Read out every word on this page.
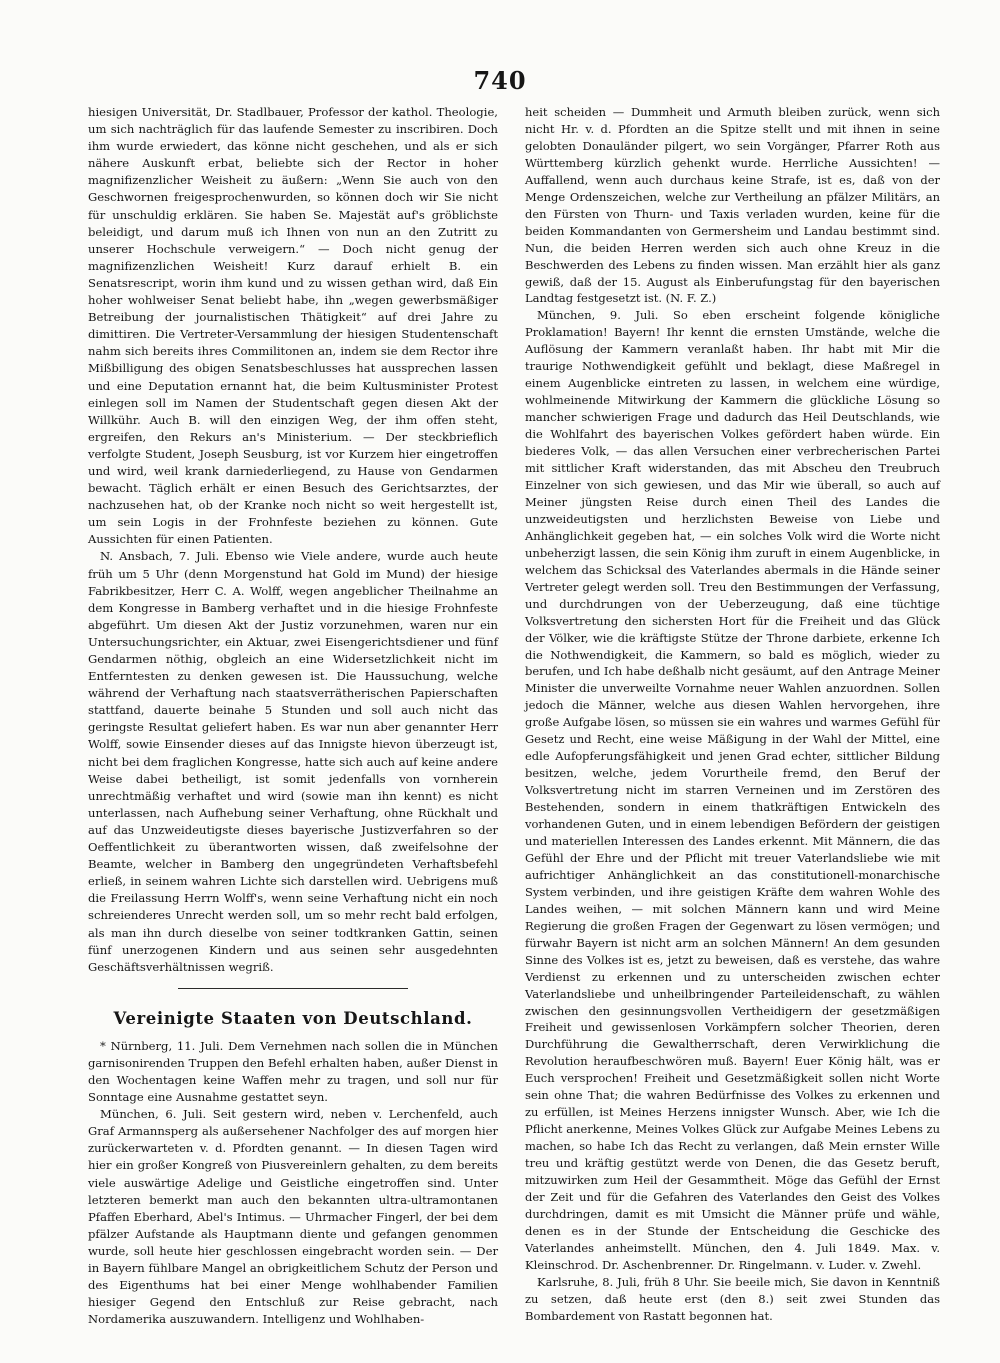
740

hiesigen Universität, Dr. Stadlbauer, Professor der kathol. Theologie, um sich nachträglich für das laufende Semester zu inscribiren. Doch ihm wurde erwiedert, das könne nicht geschehen, und als er sich nähere Auskunft erbat, beliebte sich der Rector in hoher magnifizenzlicher Weisheit zu äußern: „Wenn Sie auch von den Geschwornen freigesprochenwurden, so können doch wir Sie nicht für unschuldig erklären. Sie haben Se. Majestät auf's gröblichste beleidigt, und darum muß ich Ihnen von nun an den Zutritt zu unserer Hochschule verweigern.“ — Doch nicht genug der magnifizenzlichen Weisheit! Kurz darauf erhielt B. ein Senatsrescript, worin ihm kund und zu wissen gethan wird, daß Ein hoher wohlweiser Senat beliebt habe, ihn „wegen gewerbsmäßiger Betreibung der journalistischen Thätigkeit“ auf drei Jahre zu dimittiren. Die Vertreter-Versammlung der hiesigen Studentenschaft nahm sich bereits ihres Commilitonen an, indem sie dem Rector ihre Mißbilligung des obigen Senatsbeschlusses hat aussprechen lassen und eine Deputation ernannt hat, die beim Kultusminister Protest einlegen soll im Namen der Studentschaft gegen diesen Akt der Willkühr. Auch B. will den einzigen Weg, der ihm offen steht, ergreifen, den Rekurs an's Ministerium. — Der steckbrieflich verfolgte Student, Joseph Seusburg, ist vor Kurzem hier eingetroffen und wird, weil krank darniederliegend, zu Hause von Gendarmen bewacht. Täglich erhält er einen Besuch des Gerichtsarztes, der nachzusehen hat, ob der Kranke noch nicht so weit hergestellt ist, um sein Logis in der Frohnfeste beziehen zu können. Gute Aussichten für einen Patienten.

N. Ansbach, 7. Juli. Ebenso wie Viele andere, wurde auch heute früh um 5 Uhr (denn Morgenstund hat Gold im Mund) der hiesige Fabrikbesitzer, Herr C. A. Wolff, wegen angeblicher Theilnahme an dem Kongresse in Bamberg verhaftet und in die hiesige Frohnfeste abgeführt. Um diesen Akt der Justiz vorzunehmen, waren nur ein Untersuchungsrichter, ein Aktuar, zwei Eisengerichtsdiener und fünf Gendarmen nöthig, obgleich an eine Widersetzlichkeit nicht im Entferntesten zu denken gewesen ist. Die Haussuchung, welche während der Verhaftung nach staatsverrätherischen Papierschaften stattfand, dauerte beinahe 5 Stunden und soll auch nicht das geringste Resultat geliefert haben. Es war nun aber genannter Herr Wolff, sowie Einsender dieses auf das Innigste hievon überzeugt ist, nicht bei dem fraglichen Kongresse, hatte sich auch auf keine andere Weise dabei betheiligt, ist somit jedenfalls von vornherein unrechtmäßig verhaftet und wird (sowie man ihn kennt) es nicht unterlassen, nach Aufhebung seiner Verhaftung, ohne Rückhalt und auf das Unzweideutigste dieses bayerische Justizverfahren so der Oeffentlichkeit zu überantworten wissen, daß zweifelsohne der Beamte, welcher in Bamberg den ungegründeten Verhaftsbefehl erließ, in seinem wahren Lichte sich darstellen wird. Uebrigens muß die Freilassung Herrn Wolff's, wenn seine Verhaftung nicht ein noch schreienderes Unrecht werden soll, um so mehr recht bald erfolgen, als man ihn durch dieselbe von seiner todtkranken Gattin, seinen fünf unerzogenen Kindern und aus seinen sehr ausgedehnten Geschäftsverhältnissen wegriß.

Vereinigte Staaten von Deutschland.

* Nürnberg, 11. Juli. Dem Vernehmen nach sollen die in München garnisonirenden Truppen den Befehl erhalten haben, außer Dienst in den Wochentagen keine Waffen mehr zu tragen, und soll nur für Sonntage eine Ausnahme gestattet seyn.

München, 6. Juli. Seit gestern wird, neben v. Lerchenfeld, auch Graf Armannsperg als außersehener Nachfolger des auf morgen hier zurückerwarteten v. d. Pfordten genannt. — In diesen Tagen wird hier ein großer Kongreß von Piusvereinlern gehalten, zu dem bereits viele auswärtige Adelige und Geistliche eingetroffen sind. Unter letzteren bemerkt man auch den bekannten ultra-ultramontanen Pfaffen Eberhard, Abel's Intimus. — Uhrmacher Fingerl, der bei dem pfälzer Aufstande als Hauptmann diente und gefangen genommen wurde, soll heute hier geschlossen eingebracht worden sein. — Der in Bayern fühlbare Mangel an obrigkeitlichem Schutz der Person und des Eigenthums hat bei einer Menge wohlhabender Familien hiesiger Gegend den Entschluß zur Reise gebracht, nach Nordamerika auszuwandern. Intelligenz und Wohlhaben-

heit scheiden — Dummheit und Armuth bleiben zurück, wenn sich nicht Hr. v. d. Pfordten an die Spitze stellt und mit ihnen in seine gelobten Donauländer pilgert, wo sein Vorgänger, Pfarrer Roth aus Württemberg kürzlich gehenkt wurde. Herrliche Aussichten! — Auffallend, wenn auch durchaus keine Strafe, ist es, daß von der Menge Ordenszeichen, welche zur Vertheilung an pfälzer Militärs, an den Fürsten von Thurn- und Taxis verladen wurden, keine für die beiden Kommandanten von Germersheim und Landau bestimmt sind. Nun, die beiden Herren werden sich auch ohne Kreuz in die Beschwerden des Lebens zu finden wissen. Man erzählt hier als ganz gewiß, daß der 15. August als Einberufungstag für den bayerischen Landtag festgesetzt ist. (N. F. Z.)

München, 9. Juli. So eben erscheint folgende königliche Proklamation! Bayern! Ihr kennt die ernsten Umstände, welche die Auflösung der Kammern veranlaßt haben. Ihr habt mit Mir die traurige Nothwendigkeit gefühlt und beklagt, diese Maßregel in einem Augenblicke eintreten zu lassen, in welchem eine würdige, wohlmeinende Mitwirkung der Kammern die glückliche Lösung so mancher schwierigen Frage und dadurch das Heil Deutschlands, wie die Wohlfahrt des bayerischen Volkes gefördert haben würde. Ein biederes Volk, — das allen Versuchen einer verbrecherischen Partei mit sittlicher Kraft widerstanden, das mit Abscheu den Treubruch Einzelner von sich gewiesen, und das Mir wie überall, so auch auf Meiner jüngsten Reise durch einen Theil des Landes die unzweideutigsten und herzlichsten Beweise von Liebe und Anhänglichkeit gegeben hat, — ein solches Volk wird die Worte nicht unbeherzigt lassen, die sein König ihm zuruft in einem Augenblicke, in welchem das Schicksal des Vaterlandes abermals in die Hände seiner Vertreter gelegt werden soll. Treu den Bestimmungen der Verfassung, und durchdrungen von der Ueberzeugung, daß eine tüchtige Volksvertretung den sichersten Hort für die Freiheit und das Glück der Völker, wie die kräftigste Stütze der Throne darbiete, erkenne Ich die Nothwendigkeit, die Kammern, so bald es möglich, wieder zu berufen, und Ich habe deßhalb nicht gesäumt, auf den Antrage Meiner Minister die unverweilte Vornahme neuer Wahlen anzuordnen. Sollen jedoch die Männer, welche aus diesen Wahlen hervorgehen, ihre große Aufgabe lösen, so müssen sie ein wahres und warmes Gefühl für Gesetz und Recht, eine weise Mäßigung in der Wahl der Mittel, eine edle Aufopferungsfähigkeit und jenen Grad echter, sittlicher Bildung besitzen, welche, jedem Vorurtheile fremd, den Beruf der Volksvertretung nicht im starren Verneinen und im Zerstören des Bestehenden, sondern in einem thatkräftigen Entwickeln des vorhandenen Guten, und in einem lebendigen Befördern der geistigen und materiellen Interessen des Landes erkennt. Mit Männern, die das Gefühl der Ehre und der Pflicht mit treuer Vaterlandsliebe wie mit aufrichtiger Anhänglichkeit an das constitutionell-monarchische System verbinden, und ihre geistigen Kräfte dem wahren Wohle des Landes weihen, — mit solchen Männern kann und wird Meine Regierung die großen Fragen der Gegenwart zu lösen vermögen; und fürwahr Bayern ist nicht arm an solchen Männern! An dem gesunden Sinne des Volkes ist es, jetzt zu beweisen, daß es verstehe, das wahre Verdienst zu erkennen und zu unterscheiden zwischen echter Vaterlandsliebe und unheilbringender Parteileidenschaft, zu wählen zwischen den gesinnungsvollen Vertheidigern der gesetzmäßigen Freiheit und gewissenlosen Vorkämpfern solcher Theorien, deren Durchführung die Gewaltherrschaft, deren Verwirklichung die Revolution heraufbeschwören muß. Bayern! Euer König hält, was er Euch versprochen! Freiheit und Gesetzmäßigkeit sollen nicht Worte sein ohne That; die wahren Bedürfnisse des Volkes zu erkennen und zu erfüllen, ist Meines Herzens innigster Wunsch. Aber, wie Ich die Pflicht anerkenne, Meines Volkes Glück zur Aufgabe Meines Lebens zu machen, so habe Ich das Recht zu verlangen, daß Mein ernster Wille treu und kräftig gestützt werde von Denen, die das Gesetz beruft, mitzuwirken zum Heil der Gesammtheit. Möge das Gefühl der Ernst der Zeit und für die Gefahren des Vaterlandes den Geist des Volkes durchdringen, damit es mit Umsicht die Männer prüfe und wähle, denen es in der Stunde der Entscheidung die Geschicke des Vaterlandes anheimstellt. München, den 4. Juli 1849. Max. v. Kleinschrod. Dr. Aschenbrenner. Dr. Ringelmann. v. Luder. v. Zwehl.

Karlsruhe, 8. Juli, früh 8 Uhr. Sie beeile mich, Sie davon in Kenntniß zu setzen, daß heute erst (den 8.) seit zwei Stunden das Bombardement von Rastatt begonnen hat.
